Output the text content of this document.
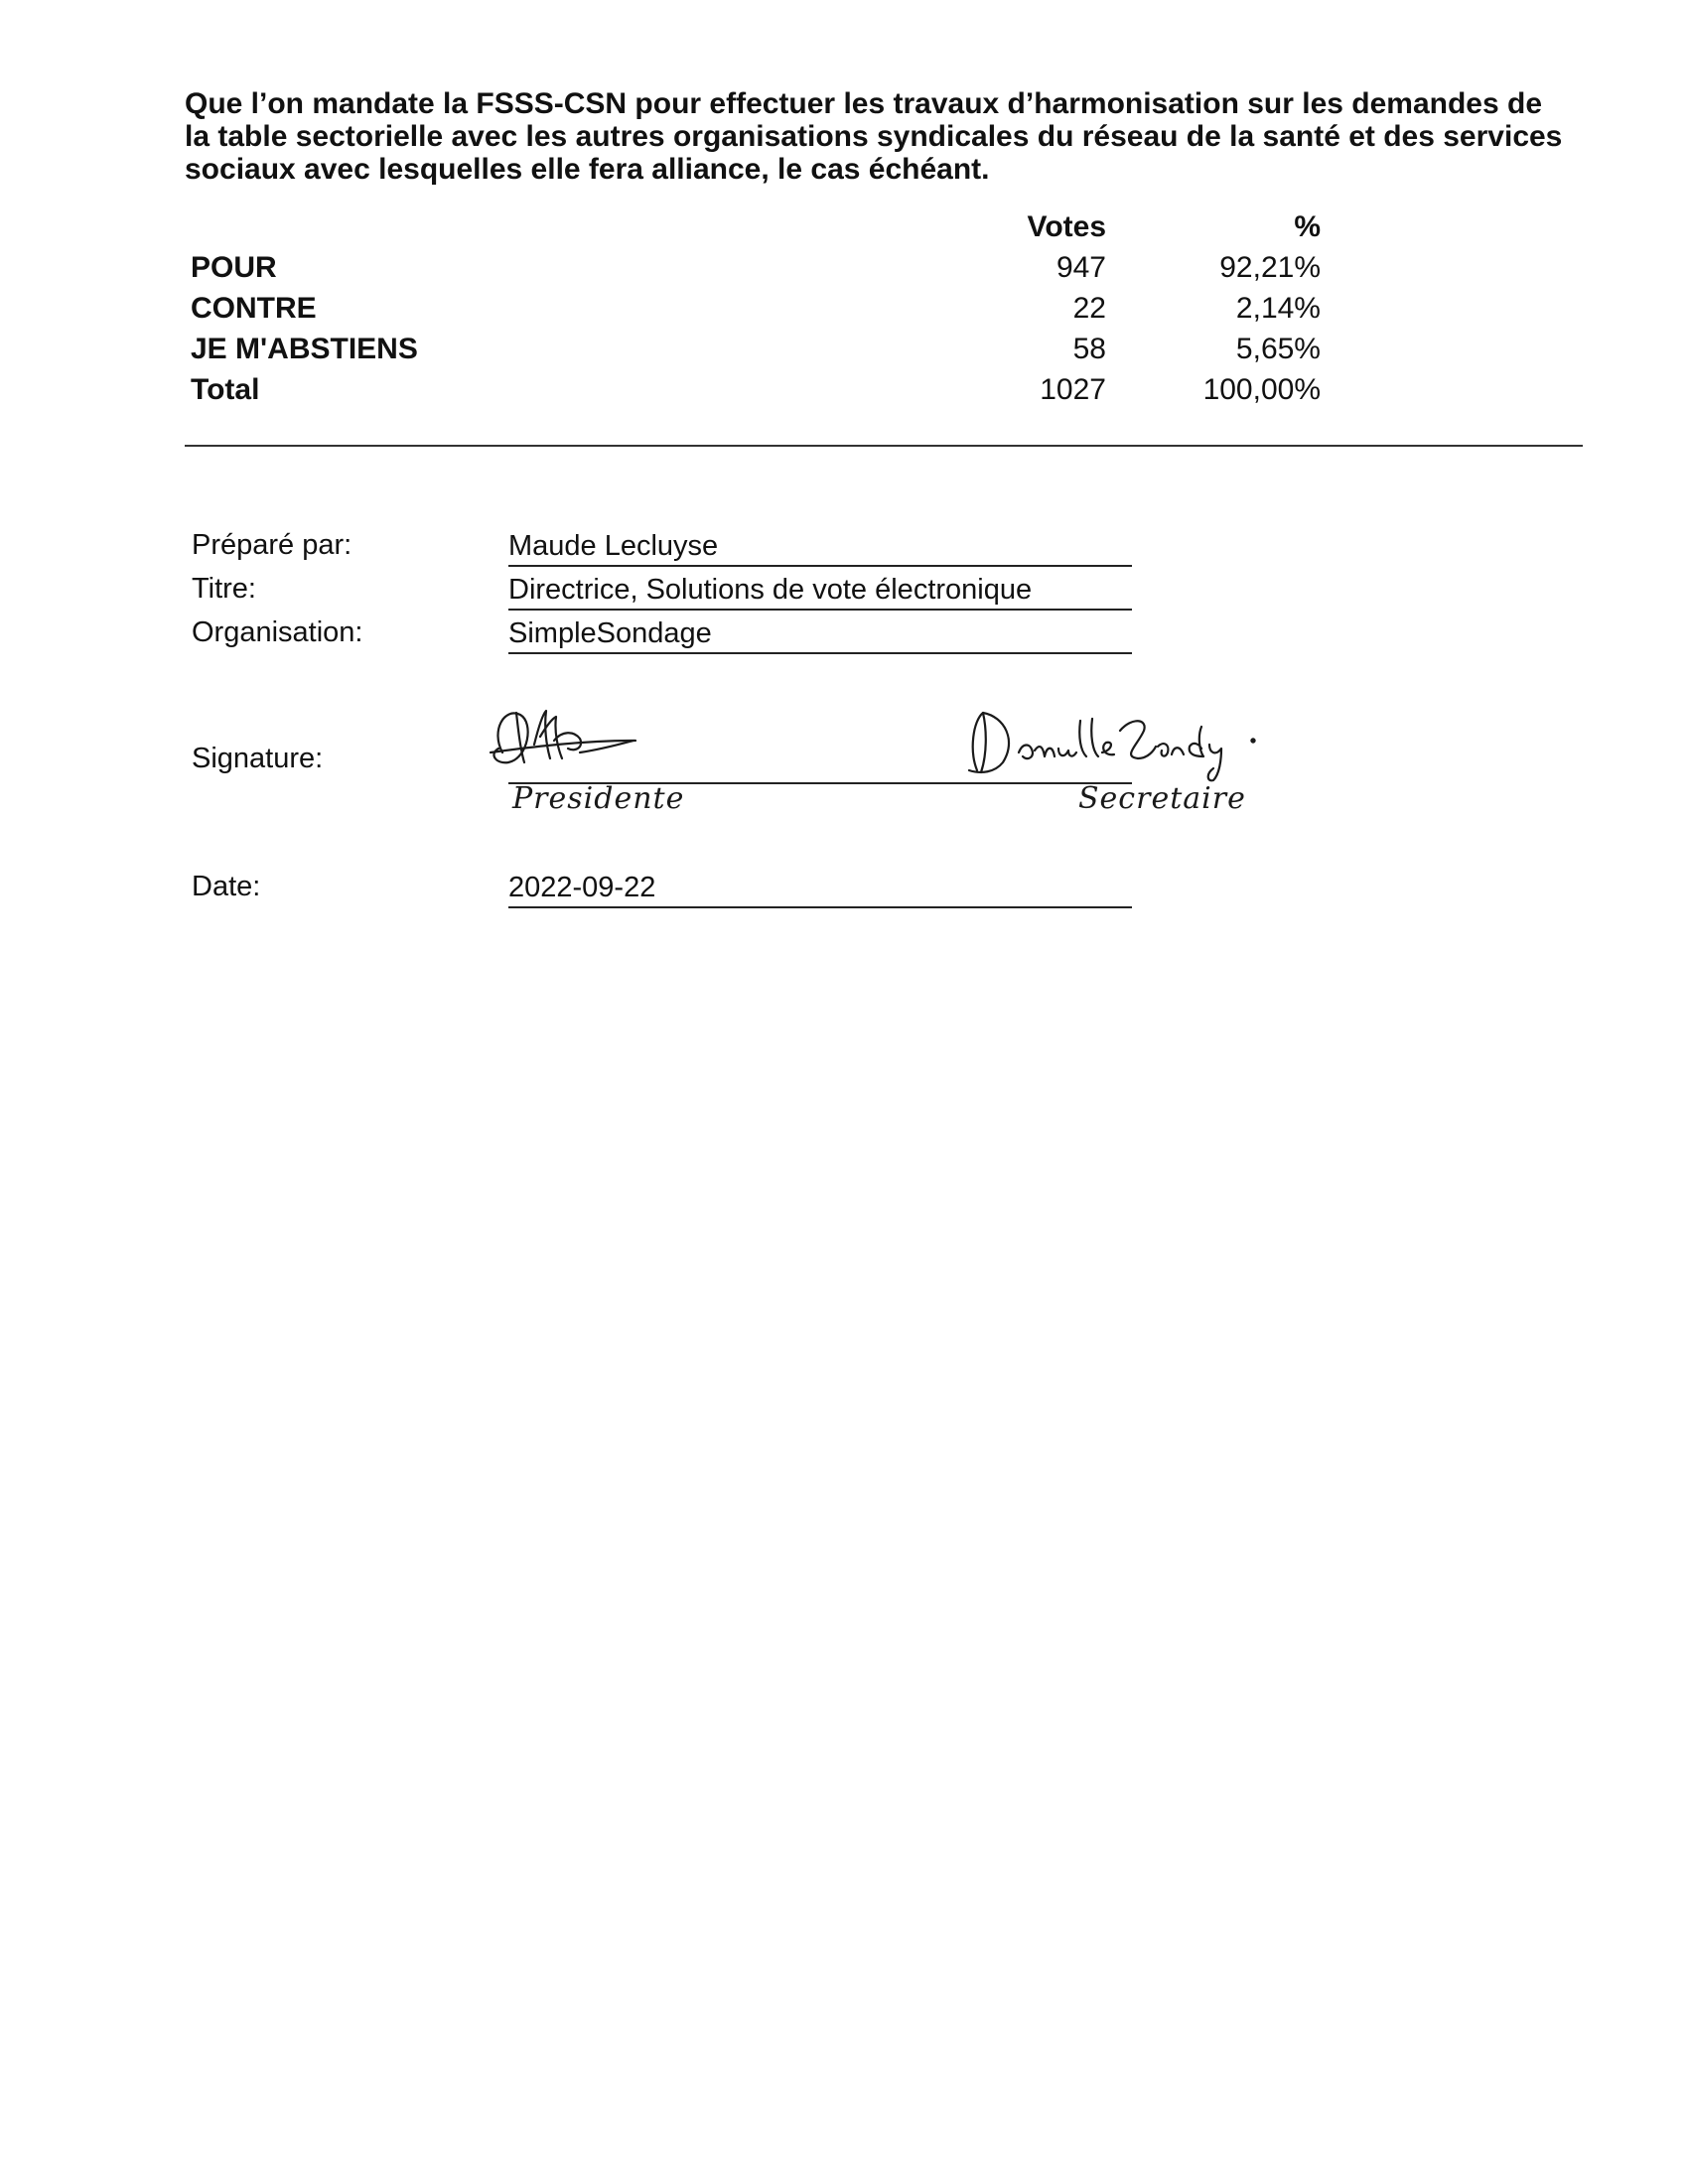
Que l’on mandate la FSSS-CSN pour effectuer les travaux d’harmonisation sur les demandes de la table sectorielle avec les autres organisations syndicales du réseau de la santé et des services sociaux avec lesquelles elle fera alliance, le cas échéant.
	Votes	%
POUR	947	92,21%
CONTRE	22	2,14%
JE M'ABSTIENS	58	5,65%
Total	1027	100,00%
Préparé par:	Maude Lecluyse
Titre:	Directrice, Solutions de vote électronique
Organisation:	SimpleSondage
Signature:
Presidente	Secretaire
Date:	2022-09-22
